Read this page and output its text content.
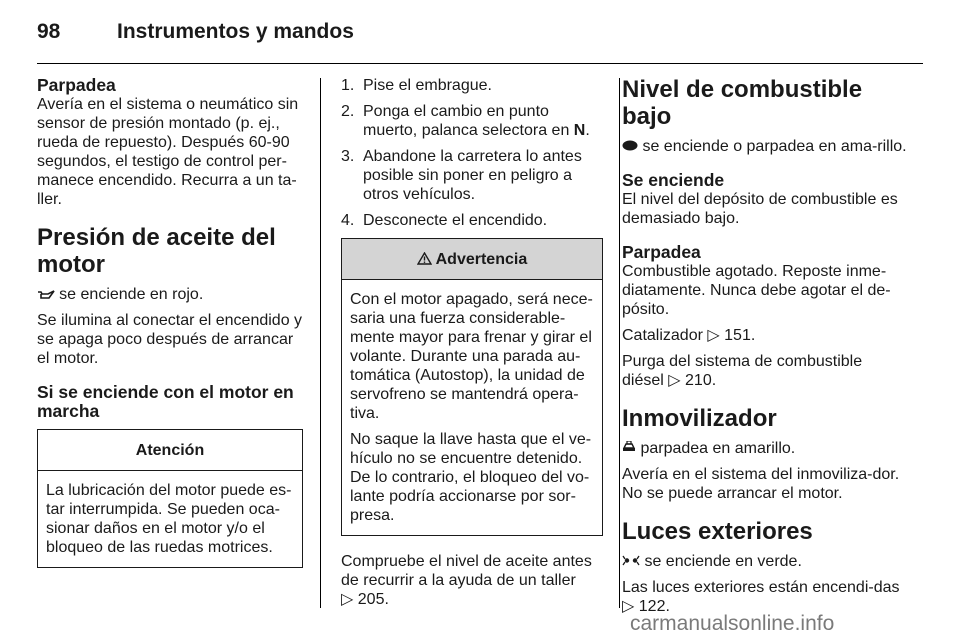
98	Instrumentos y mandos
Parpadea

Avería en el sistema o neumático sin sensor de presión montado (p. ej., rueda de repuesto). Después 60-90 segundos, el testigo de control per-manece encendido. Recurra a un ta-ller.

Presión de aceite del motor

se enciende en rojo.

Se ilumina al conectar el encendido y se apaga poco después de arrancar el motor.

Si se enciende con el motor en marcha
Atención

La lubricación del motor puede es-tar interrumpida. Se pueden oca-sionar daños en el motor y/o el bloqueo de las ruedas motrices.

1. Pise el embrague.
2. Ponga el cambio en punto muerto, palanca selectora en N.
3. Abandone la carretera lo antes posible sin poner en peligro a otros vehículos.
4. Desconecte el encendido.
Advertencia

Con el motor apagado, será nece-saria una fuerza considerable-mente mayor para frenar y girar el volante. Durante una parada au-tomática (Autostop), la unidad de servofreno se mantendrá opera-tiva.

No saque la llave hasta que el ve-hículo no se encuentre detenido. De lo contrario, el bloqueo del vo-lante podría accionarse por sor-presa.

Compruebe el nivel de aceite antes de recurrir a la ayuda de un taller
▷ 205.

Nivel de combustible bajo

se enciende o parpadea en ama-rillo.

Se enciende

El nivel del depósito de combustible es demasiado bajo.

Parpadea

Combustible agotado. Reposte inme-diatamente. Nunca debe agotar el de-pósito.

Catalizador ▷ 151.

Purga del sistema de combustible diésel ▷ 210.

Inmovilizador

parpadea en amarillo.

Avería en el sistema del inmoviliza-dor. No se puede arrancar el motor.

Luces exteriores

se enciende en verde.

Las luces exteriores están encendi-das ▷ 122.

carmanualsonline.info
